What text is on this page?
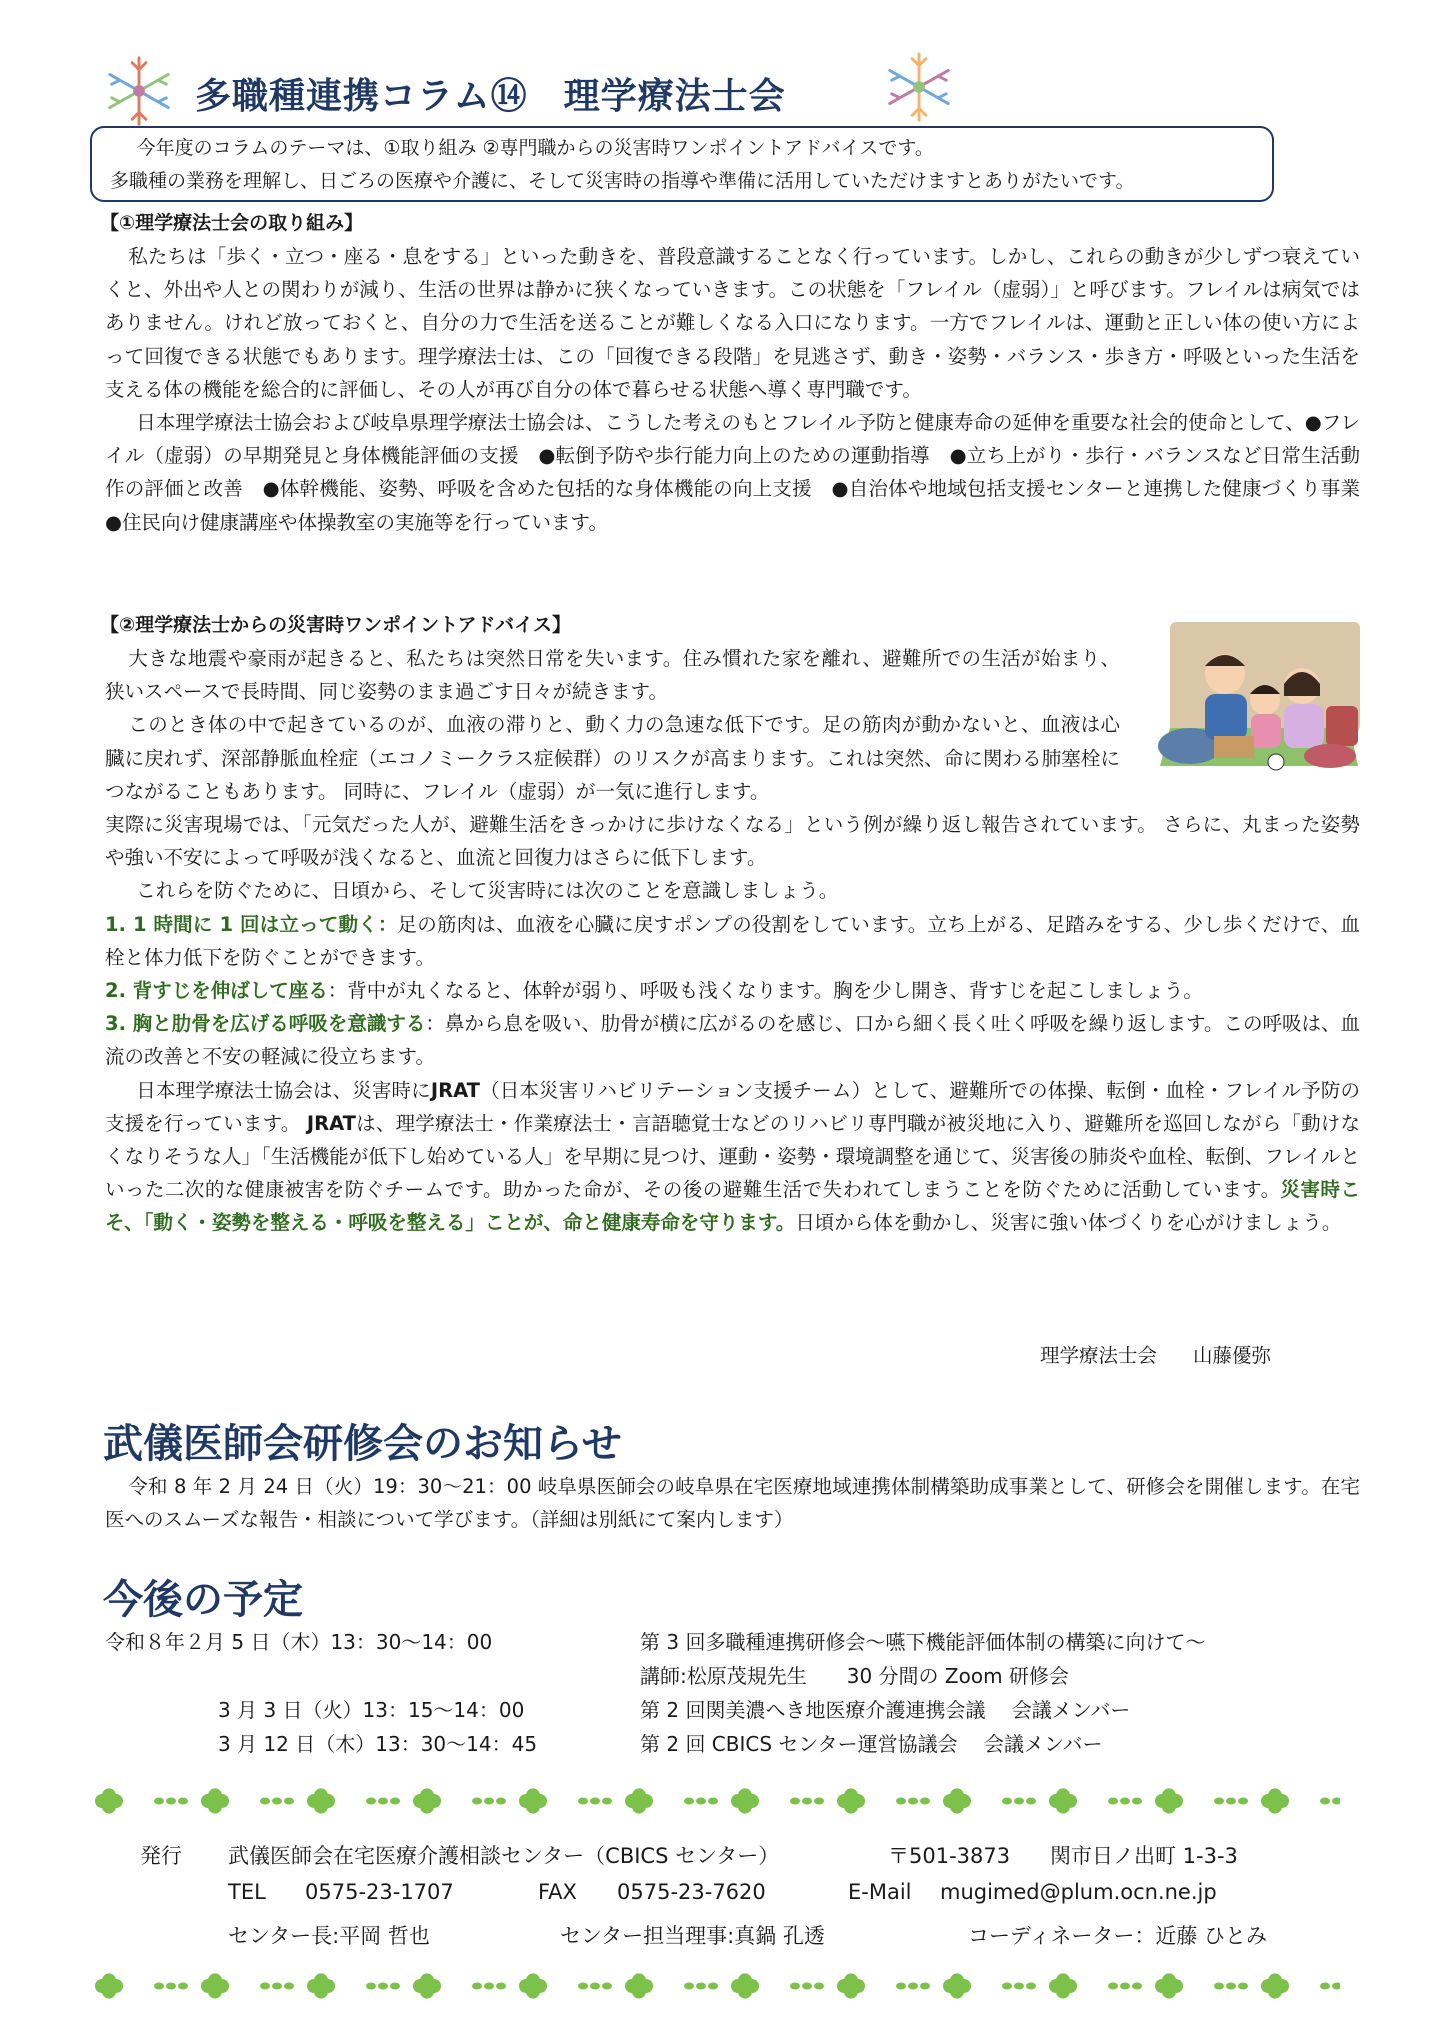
多職種連携コラム⑭ 理学療法士会
今年度のコラムのテーマは、①取り組み ②専門職からの災害時ワンポイントアドバイスです。
多職種の業務を理解し、日ごろの医療や介護に、そして災害時の指導や準備に活用していただけますとありがたいです。
【①理学療法士会の取り組み】

私たちは「歩く・立つ・座る・息をする」といった動きを、普段意識することなく行っています。しかし、これらの動きが少しずつ衰えていくと、外出や人との関わりが減り、生活の世界は静かに狭くなっていきます。この状態を「フレイル（虚弱）」と呼びます。フレイルは病気ではありません。けれど放っておくと、自分の力で生活を送ることが難しくなる入口になります。一方でフレイルは、運動と正しい体の使い方によって回復できる状態でもあります。理学療法士は、この「回復できる段階」を見逃さず、動き・姿勢・バランス・歩き方・呼吸といった生活を支える体の機能を総合的に評価し、その人が再び自分の体で暮らせる状態へ導く専門職です。

日本理学療法士協会および岐阜県理学療法士協会は、こうした考えのもとフレイル予防と健康寿命の延伸を重要な社会的使命として、●フレイル（虚弱）の早期発見と身体機能評価の支援　●転倒予防や歩行能力向上のための運動指導　●立ち上がり・歩行・バランスなど日常生活動作の評価と改善　●体幹機能、姿勢、呼吸を含めた包括的な身体機能の向上支援　●自治体や地域包括支援センターと連携した健康づくり事業　●住民向け健康講座や体操教室の実施等を行っています。

【②理学療法士からの災害時ワンポイントアドバイス】

大きな地震や豪雨が起きると、私たちは突然日常を失います。住み慣れた家を離れ、避難所での生活が始まり、狭いスペースで長時間、同じ姿勢のまま過ごす日々が続きます。

このとき体の中で起きているのが、血液の滞りと、動く力の急速な低下です。足の筋肉が動かないと、血液は心臓に戻れず、深部静脈血栓症（エコノミークラス症候群）のリスクが高まります。これは突然、命に関わる肺塞栓につながることもあります。 同時に、フレイル（虚弱）が一気に進行します。

実際に災害現場では、「元気だった人が、避難生活をきっかけに歩けなくなる」という例が繰り返し報告されています。 さらに、丸まった姿勢や強い不安によって呼吸が浅くなると、血流と回復力はさらに低下します。

これらを防ぐために、日頃から、そして災害時には次のことを意識しましょう。

1. 1 時間に 1 回は立って動く：足の筋肉は、血液を心臓に戻すポンプの役割をしています。立ち上がる、足踏みをする、少し歩くだけで、血栓と体力低下を防ぐことができます。

2. 背すじを伸ばして座る：背中が丸くなると、体幹が弱り、呼吸も浅くなります。胸を少し開き、背すじを起こしましょう。

3. 胸と肋骨を広げる呼吸を意識する：鼻から息を吸い、肋骨が横に広がるのを感じ、口から細く長く吐く呼吸を繰り返します。この呼吸は、血流の改善と不安の軽減に役立ちます。

日本理学療法士協会は、災害時にJRAT（日本災害リハビリテーション支援チーム）として、避難所での体操、転倒・血栓・フレイル予防の支援を行っています。 JRATは、理学療法士・作業療法士・言語聴覚士などのリハビリ専門職が被災地に入り、避難所を巡回しながら「動けなくなりそうな人」「生活機能が低下し始めている人」を早期に見つけ、運動・姿勢・環境調整を通じて、災害後の肺炎や血栓、転倒、フレイルといった二次的な健康被害を防ぐチームです。助かった命が、その後の避難生活で失われてしまうことを防ぐために活動しています。災害時こそ、「動く・姿勢を整える・呼吸を整える」ことが、命と健康寿命を守ります。日頃から体を動かし、災害に強い体づくりを心がけましょう。

理学療法士会 山藤優弥
武儀医師会研修会のお知らせ
令和 8 年 2 月 24 日（火）19：30～21：00 岐阜県医師会の岐阜県在宅医療地域連携体制構築助成事業として、研修会を開催します。在宅医へのスムーズな報告・相談について学びます。（詳細は別紙にて案内します）
今後の予定
令和８年２月 5 日（木）13：30～14：00	第 3 回多職種連携研修会～嚥下機能評価体制の構築に向けて～
講師:松原茂規先生　　30 分間の Zoom 研修会
3 月 3 日（火）13：15～14：00	第 2 回関美濃へき地医療介護連携会議　 会議メンバー
3 月 12 日（木）13：30～14：45	第 2 回 CBICS センター運営協議会　 会議メンバー
発行 武儀医師会在宅医療介護相談センター（CBICS センター）	〒501-3873 関市日ノ出町 1-3-3
TEL 0575-23-1707	FAX 0575-23-7620	E-Mail mugimed@plum.ocn.ne.jp
センター長:平岡 哲也	センター担当理事:真鍋 孔透	コーディネーター：近藤 ひとみ
